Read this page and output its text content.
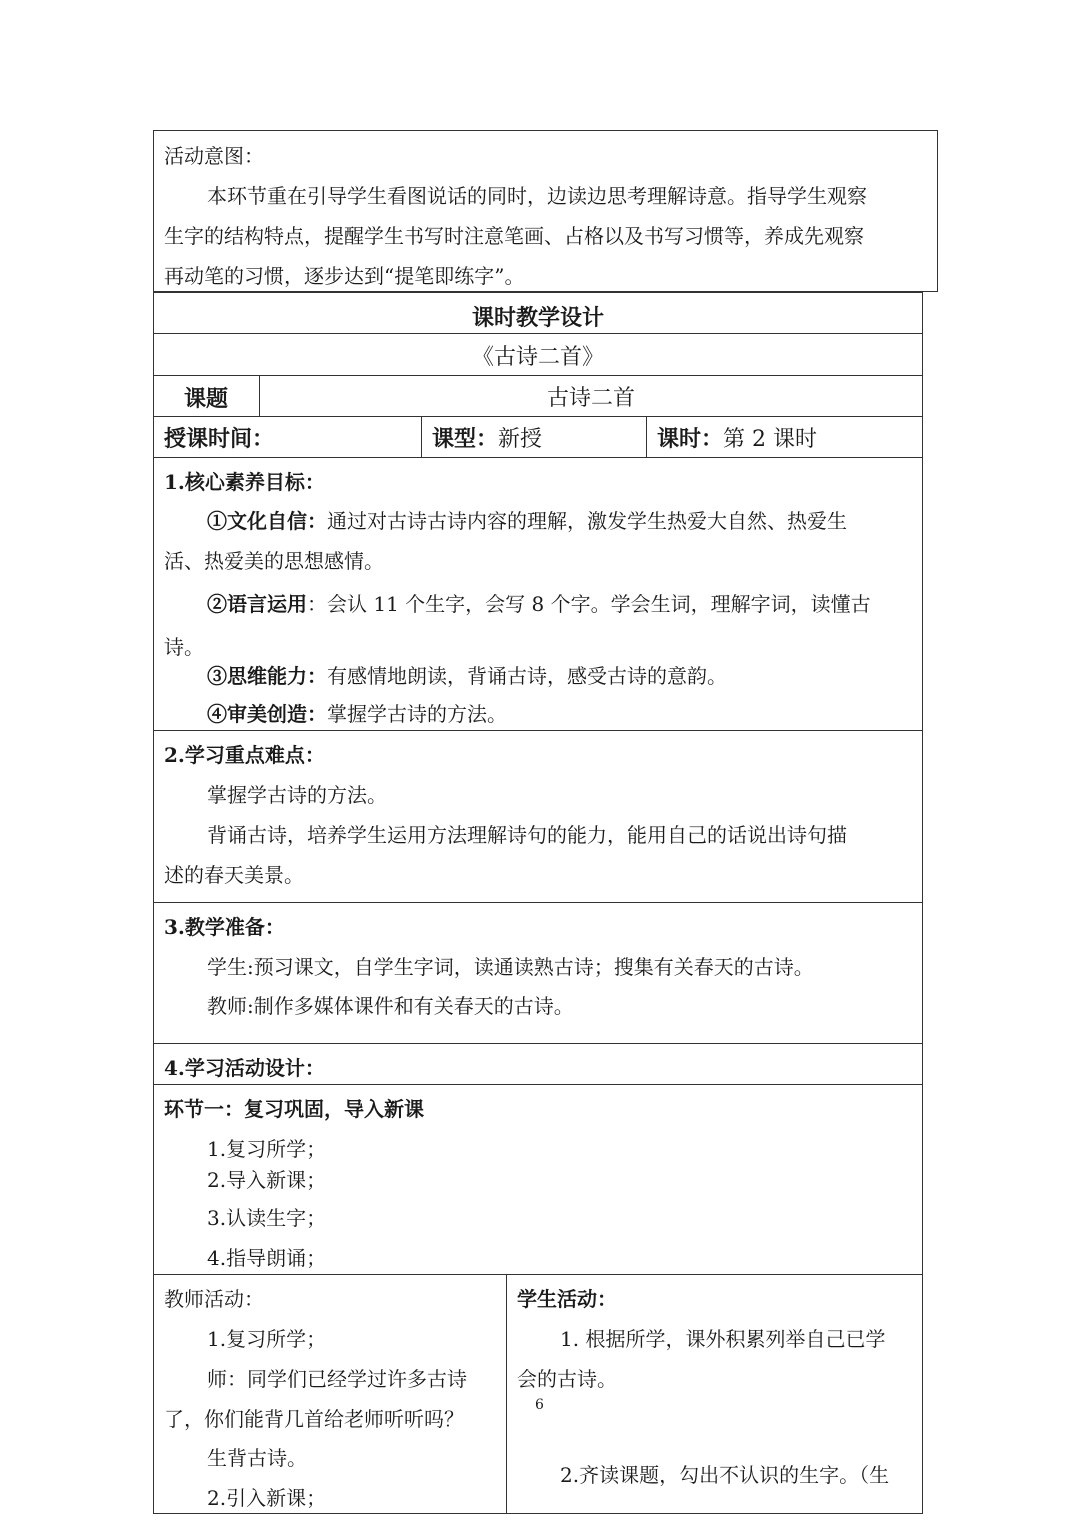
活动意图：
本环节重在引导学生看图说话的同时，边读边思考理解诗意。指导学生观察
生字的结构特点，提醒学生书写时注意笔画、占格以及书写习惯等，养成先观察
再动笔的习惯，逐步达到“提笔即练字”。
课时教学设计
《古诗二首》
课题	古诗二首
授课时间：	课型：新授	课时：第 2 课时
1.核心素养目标：
①文化自信：通过对古诗古诗内容的理解，激发学生热爱大自然、热爱生
活、热爱美的思想感情。
②语言运用：会认 11 个生字，会写 8 个字。学会生词，理解字词，读懂古
诗。
③思维能力：有感情地朗读，背诵古诗，感受古诗的意韵。
④审美创造：掌握学古诗的方法。
2.学习重点难点：
掌握学古诗的方法。
背诵古诗，培养学生运用方法理解诗句的能力，能用自己的话说出诗句描
述的春天美景。
3.教学准备：
学生:预习课文，自学生字词，读通读熟古诗；搜集有关春天的古诗。
教师:制作多媒体课件和有关春天的古诗。
4.学习活动设计：
环节一：复习巩固，导入新课
1.复习所学；
2.导入新课；
3.认读生字；
4.指导朗诵；
教师活动：
1.复习所学；
师：同学们已经学过许多古诗
了，你们能背几首给老师听听吗？
生背古诗。
2.引入新课；
学生活动：
1. 根据所学，课外积累列举自己已学
会的古诗。
6
2.齐读课题，勾出不认识的生字。（生
